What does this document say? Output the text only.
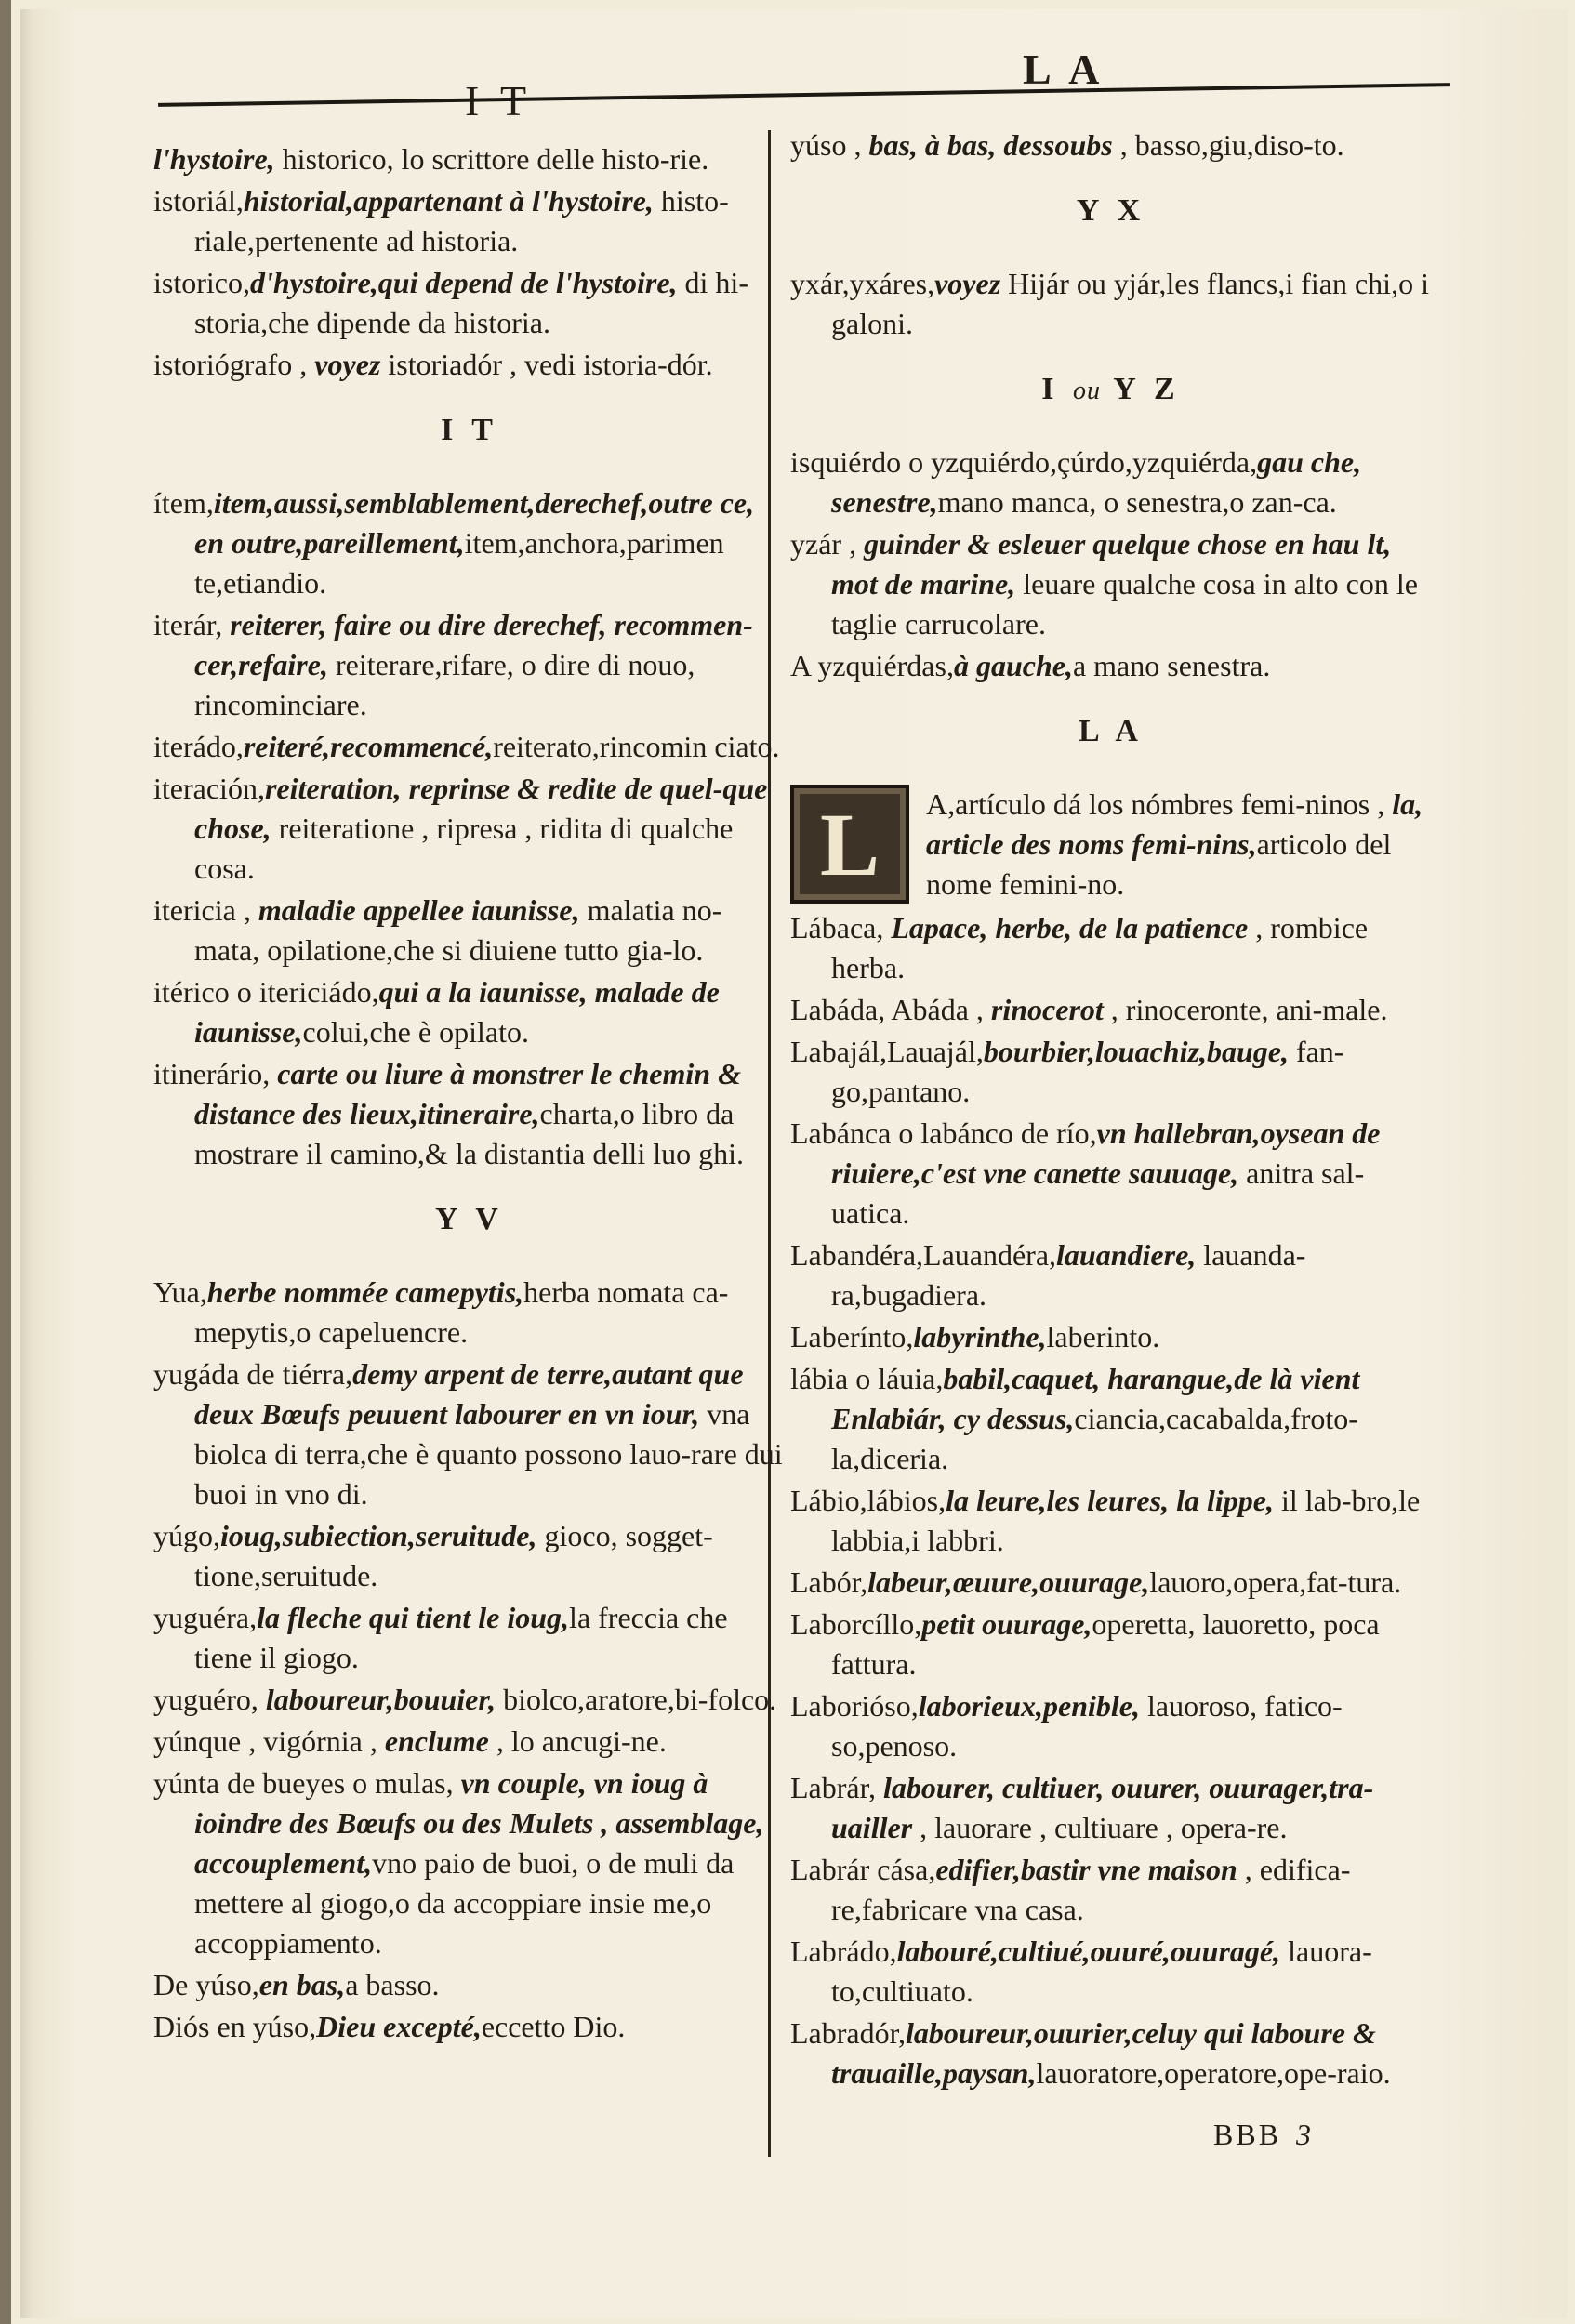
L A

l'hystoire, historico, lo scrittore delle histo-rie.

istoriál,historial,appartenant à l'hystoire, histo-riale,pertenente ad historia.

istorico,d'hystoire,qui depend de l'hystoire, di hi-storia,che dipende da historia.

istoriógrafo , voyez istoriadór , vedi istoria-dór.

I T

ítem,item,aussi,semblablement,derechef,outre ce, en outre,pareillement,item,anchora,parimen te,etiandio.

iterár, reiterer, faire ou dire derechef, recommen-cer,refaire, reiterare,rifare, o dire di nouo, rincominciare.

iterádo,reiteré,recommencé,reiterato,rincomin ciato.

iteración,reiteration, reprinse & redite de quel-que chose, reiteratione , ripresa , ridita di qualche cosa.

itericia , maladie appellee iaunisse, malatia no-mata, opilatione,che si diuiene tutto gia-lo.

itérico o itericiádo,qui a la iaunisse, malade de iaunisse,colui,che è opilato.

itinerário, carte ou liure à monstrer le chemin & distance des lieux,itineraire,charta,o libro da mostrare il camino,& la distantia delli luo ghi.

Y V

Yua,herbe nommée camepytis,herba nomata ca-mepytis,o capeluencre.

yugáda de tiérra,demy arpent de terre,autant que deux Bœufs peuuent labourer en vn iour, vna biolca di terra,che è quanto possono lauo-rare dui buoi in vno di.

yúgo,ioug,subiection,seruitude, gioco, sogget-tione,seruitude.

yuguéra,la fleche qui tient le ioug,la freccia che tiene il giogo.

yuguéro, laboureur,bouuier, biolco,aratore,bi-folco.

yúnque , vigórnia , enclume , lo ancugi-ne.

yúnta de bueyes o mulas, vn couple, vn ioug à ioindre des Bœufs ou des Mulets , assemblage, accouplement,vno paio de buoi, o de muli da mettere al giogo,o da accoppiare insie me,o accoppiamento.

De yúso,en bas,a basso.

Diós en yúso,Dieu excepté,eccetto Dio.

yúso , bas, à bas, dessoubs , basso,giu,diso-to.

Y X

yxár,yxáres,voyez Hijár ou yjár,les flancs,i fian chi,o i galoni.

I ou Y Z

isquiérdo o yzquiérdo,çúrdo,yzquiérda,gau che, senestre,mano manca, o senestra,o zan-ca.

yzár , guinder & esleuer quelque chose en hau lt, mot de marine, leuare qualche cosa in alto con le taglie carrucolare.

A yzquiérdas,à gauche,a mano senestra.

L A
L	A,artículo dá los nómbres femi-ninos , la, article des noms femi-nins,articolo del nome femini-no.

Lábaca, Lapace, herbe, de la patience , rombice herba.

Labáda, Abáda , rinocerot , rinoceronte, ani-male.

Labajál,Lauajál,bourbier,louachiz,bauge, fan-go,pantano.

Labánca o labánco de río,vn hallebran,oysean de riuiere,c'est vne canette sauuage, anitra sal-uatica.

Labandéra,Lauandéra,lauandiere, lauanda-ra,bugadiera.

Laberínto,labyrinthe,laberinto.

lábia o láuia,babil,caquet, harangue,de là vient Enlabiár, cy dessus,ciancia,cacabalda,froto-la,diceria.

Lábio,lábios,la leure,les leures, la lippe, il lab-bro,le labbia,i labbri.

Labór,labeur,œuure,ouurage,lauoro,opera,fat-tura.

Laborcíllo,petit ouurage,operetta, lauoretto, poca fattura.

Laborióso,laborieux,penible, lauoroso, fatico-so,penoso.

Labrár, labourer, cultiuer, ouurer, ouurager,tra-uailler , lauorare , cultiuare , opera-re.

Labrár cása,edifier,bastir vne maison , edifica-re,fabricare vna casa.

Labrádo,labouré,cultiué,ouuré,ouuragé, lauora-to,cultiuato.

Labradór,laboureur,ouurier,celuy qui laboure & trauaille,paysan,lauoratore,operatore,ope-raio.

BBB 3
